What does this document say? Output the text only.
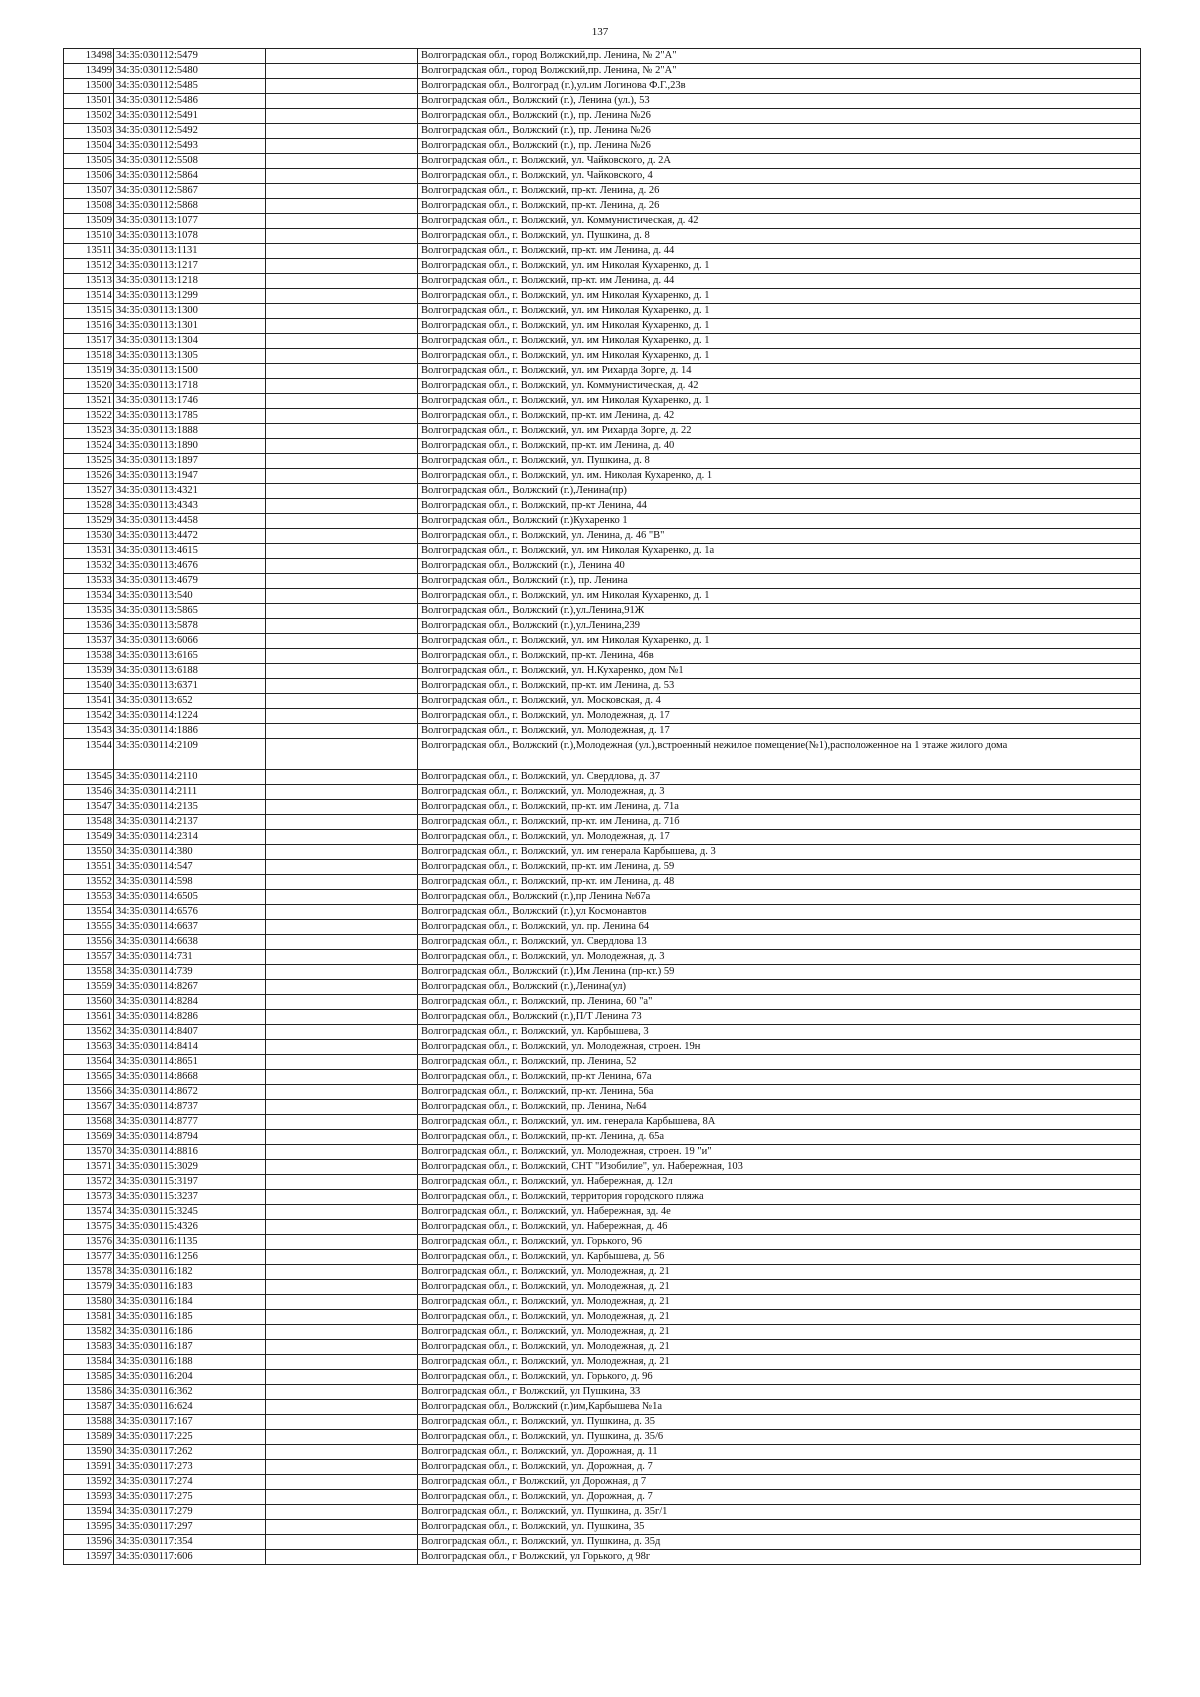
137
13498	34:35:030112:5479		Волгоградская обл., город Волжский,пр. Ленина, № 2"А"
13499	34:35:030112:5480		Волгоградская обл., город Волжский,пр. Ленина, № 2"А"
13500	34:35:030112:5485		Волгоградская обл., Волгоград (г.),ул.им Логинова Ф.Г.,23в
13501	34:35:030112:5486		Волгоградская обл., Волжский (г.), Ленина (ул.), 53
13502	34:35:030112:5491		Волгоградская обл., Волжский (г.), пр. Ленина №26
13503	34:35:030112:5492		Волгоградская обл., Волжский (г.), пр. Ленина №26
13504	34:35:030112:5493		Волгоградская обл., Волжский (г.), пр. Ленина №26
13505	34:35:030112:5508		Волгоградская обл., г. Волжский, ул. Чайковского, д. 2А
13506	34:35:030112:5864		Волгоградская обл., г. Волжский, ул. Чайковского, 4
13507	34:35:030112:5867		Волгоградская обл., г. Волжский, пр-кт. Ленина, д. 26
13508	34:35:030112:5868		Волгоградская обл., г. Волжский, пр-кт. Ленина, д. 26
13509	34:35:030113:1077		Волгоградская обл., г. Волжский, ул. Коммунистическая, д. 42
13510	34:35:030113:1078		Волгоградская обл., г. Волжский, ул. Пушкина, д. 8
13511	34:35:030113:1131		Волгоградская обл., г. Волжский, пр-кт. им Ленина, д. 44
13512	34:35:030113:1217		Волгоградская обл., г. Волжский, ул. им Николая Кухаренко, д. 1
13513	34:35:030113:1218		Волгоградская обл., г. Волжский, пр-кт. им Ленина, д. 44
13514	34:35:030113:1299		Волгоградская обл., г. Волжский, ул. им Николая Кухаренко, д. 1
13515	34:35:030113:1300		Волгоградская обл., г. Волжский, ул. им Николая Кухаренко, д. 1
13516	34:35:030113:1301		Волгоградская обл., г. Волжский, ул. им Николая Кухаренко, д. 1
13517	34:35:030113:1304		Волгоградская обл., г. Волжский, ул. им Николая Кухаренко, д. 1
13518	34:35:030113:1305		Волгоградская обл., г. Волжский, ул. им Николая Кухаренко, д. 1
13519	34:35:030113:1500		Волгоградская обл., г. Волжский, ул. им Рихарда Зорге, д. 14
13520	34:35:030113:1718		Волгоградская обл., г. Волжский, ул. Коммунистическая, д. 42
13521	34:35:030113:1746		Волгоградская обл., г. Волжский, ул. им Николая Кухаренко, д. 1
13522	34:35:030113:1785		Волгоградская обл., г. Волжский, пр-кт. им Ленина, д. 42
13523	34:35:030113:1888		Волгоградская обл., г. Волжский, ул. им Рихарда Зорге, д. 22
13524	34:35:030113:1890		Волгоградская обл., г. Волжский, пр-кт. им Ленина, д. 40
13525	34:35:030113:1897		Волгоградская обл., г. Волжский, ул. Пушкина, д. 8
13526	34:35:030113:1947		Волгоградская обл., г. Волжский, ул. им. Николая Кухаренко, д. 1
13527	34:35:030113:4321		Волгоградская обл., Волжский (г.),Ленина(пр)
13528	34:35:030113:4343		Волгоградская обл., г. Волжский, пр-кт Ленина, 44
13529	34:35:030113:4458		Волгоградская обл., Волжский (г.)Кухаренко 1
13530	34:35:030113:4472		Волгоградская обл., г. Волжский, ул. Ленина, д. 46 "В"
13531	34:35:030113:4615		Волгоградская обл., г. Волжский, ул. им Николая Кухаренко, д. 1а
13532	34:35:030113:4676		Волгоградская обл., Волжский (г.), Ленина 40
13533	34:35:030113:4679		Волгоградская обл., Волжский (г.), пр. Ленина
13534	34:35:030113:540		Волгоградская обл., г. Волжский, ул. им Николая Кухаренко, д. 1
13535	34:35:030113:5865		Волгоградская обл., Волжский (г.),ул.Ленина,91Ж
13536	34:35:030113:5878		Волгоградская обл., Волжский (г.),ул.Ленина,239
13537	34:35:030113:6066		Волгоградская обл., г. Волжский, ул. им Николая Кухаренко, д. 1
13538	34:35:030113:6165		Волгоградская обл., г. Волжский, пр-кт. Ленина, 46в
13539	34:35:030113:6188		Волгоградская обл., г. Волжский, ул. Н.Кухаренко, дом №1
13540	34:35:030113:6371		Волгоградская обл., г. Волжский, пр-кт. им Ленина, д. 53
13541	34:35:030113:652		Волгоградская обл., г. Волжский, ул. Московская, д. 4
13542	34:35:030114:1224		Волгоградская обл., г. Волжский, ул. Молодежная, д. 17
13543	34:35:030114:1886		Волгоградская обл., г. Волжский, ул. Молодежная, д. 17
13544	34:35:030114:2109		Волгоградская обл., Волжский (г.),Молодежная (ул.),встроенный нежилое помещение(№1),расположенное на 1 этаже жилого дома
13545	34:35:030114:2110		Волгоградская обл., г. Волжский, ул. Свердлова, д. 37
13546	34:35:030114:2111		Волгоградская обл., г. Волжский, ул. Молодежная, д. 3
13547	34:35:030114:2135		Волгоградская обл., г. Волжский, пр-кт. им Ленина, д. 71а
13548	34:35:030114:2137		Волгоградская обл., г. Волжский, пр-кт. им Ленина, д. 71б
13549	34:35:030114:2314		Волгоградская обл., г. Волжский, ул. Молодежная, д. 17
13550	34:35:030114:380		Волгоградская обл., г. Волжский, ул. им генерала Карбышева, д. 3
13551	34:35:030114:547		Волгоградская обл., г. Волжский, пр-кт. им Ленина, д. 59
13552	34:35:030114:598		Волгоградская обл., г. Волжский, пр-кт. им Ленина, д. 48
13553	34:35:030114:6505		Волгоградская обл., Волжский (г.),пр Ленина №67а
13554	34:35:030114:6576		Волгоградская обл., Волжский (г.),ул Космонавтов
13555	34:35:030114:6637		Волгоградская обл., г. Волжский, ул. пр. Ленина 64
13556	34:35:030114:6638		Волгоградская обл., г. Волжский, ул. Свердлова 13
13557	34:35:030114:731		Волгоградская обл., г. Волжский, ул. Молодежная, д. 3
13558	34:35:030114:739		Волгоградская обл., Волжский (г.),Им Ленина (пр-кт.) 59
13559	34:35:030114:8267		Волгоградская обл., Волжский (г.),Ленина(ул)
13560	34:35:030114:8284		Волгоградская обл., г. Волжский, пр. Ленина, 60 "а"
13561	34:35:030114:8286		Волгоградская обл., Волжский (г.),П/Т Ленина 73
13562	34:35:030114:8407		Волгоградская обл., г. Волжский, ул. Карбышева, 3
13563	34:35:030114:8414		Волгоградская обл., г. Волжский, ул. Молодежная, строен. 19н
13564	34:35:030114:8651		Волгоградская обл., г. Волжский, пр. Ленина, 52
13565	34:35:030114:8668		Волгоградская обл., г. Волжский, пр-кт Ленина, 67а
13566	34:35:030114:8672		Волгоградская обл., г. Волжский, пр-кт. Ленина, 56а
13567	34:35:030114:8737		Волгоградская обл., г. Волжский, пр. Ленина, №64
13568	34:35:030114:8777		Волгоградская обл., г. Волжский, ул. им. генерала Карбышева, 8А
13569	34:35:030114:8794		Волгоградская обл., г. Волжский, пр-кт. Ленина, д. 65а
13570	34:35:030114:8816		Волгоградская обл., г. Волжский, ул. Молодежная, строен. 19 "и"
13571	34:35:030115:3029		Волгоградская обл., г. Волжский, СНТ "Изобилие", ул. Набережная, 103
13572	34:35:030115:3197		Волгоградская обл., г. Волжский, ул. Набережная, д. 12л
13573	34:35:030115:3237		Волгоградская обл., г. Волжский, территория городского пляжа
13574	34:35:030115:3245		Волгоградская обл., г. Волжский, ул. Набережная, зд. 4е
13575	34:35:030115:4326		Волгоградская обл., г. Волжский, ул. Набережная, д. 46
13576	34:35:030116:1135		Волгоградская обл., г. Волжский, ул. Горького, 96
13577	34:35:030116:1256		Волгоградская обл., г. Волжский, ул. Карбышева, д. 56
13578	34:35:030116:182		Волгоградская обл., г. Волжский, ул. Молодежная, д. 21
13579	34:35:030116:183		Волгоградская обл., г. Волжский, ул. Молодежная, д. 21
13580	34:35:030116:184		Волгоградская обл., г. Волжский, ул. Молодежная, д. 21
13581	34:35:030116:185		Волгоградская обл., г. Волжский, ул. Молодежная, д. 21
13582	34:35:030116:186		Волгоградская обл., г. Волжский, ул. Молодежная, д. 21
13583	34:35:030116:187		Волгоградская обл., г. Волжский, ул. Молодежная, д. 21
13584	34:35:030116:188		Волгоградская обл., г. Волжский, ул. Молодежная, д. 21
13585	34:35:030116:204		Волгоградская обл., г. Волжский, ул. Горького, д. 96
13586	34:35:030116:362		Волгоградская обл., г Волжский, ул Пушкина, 33
13587	34:35:030116:624		Волгоградская обл., Волжский (г.)им,Карбышева №1а
13588	34:35:030117:167		Волгоградская обл., г. Волжский, ул. Пушкина, д. 35
13589	34:35:030117:225		Волгоградская обл., г. Волжский, ул. Пушкина, д. 35/6
13590	34:35:030117:262		Волгоградская обл., г. Волжский, ул. Дорожная, д. 11
13591	34:35:030117:273		Волгоградская обл., г. Волжский, ул. Дорожная, д. 7
13592	34:35:030117:274		Волгоградская обл., г Волжский, ул Дорожная, д 7
13593	34:35:030117:275		Волгоградская обл., г. Волжский, ул. Дорожная, д. 7
13594	34:35:030117:279		Волгоградская обл., г. Волжский, ул. Пушкина, д. 35г/1
13595	34:35:030117:297		Волгоградская обл., г. Волжский, ул. Пушкина, 35
13596	34:35:030117:354		Волгоградская обл., г. Волжский, ул. Пушкина, д. 35д
13597	34:35:030117:606		Волгоградская обл., г Волжский, ул Горького, д 98г
